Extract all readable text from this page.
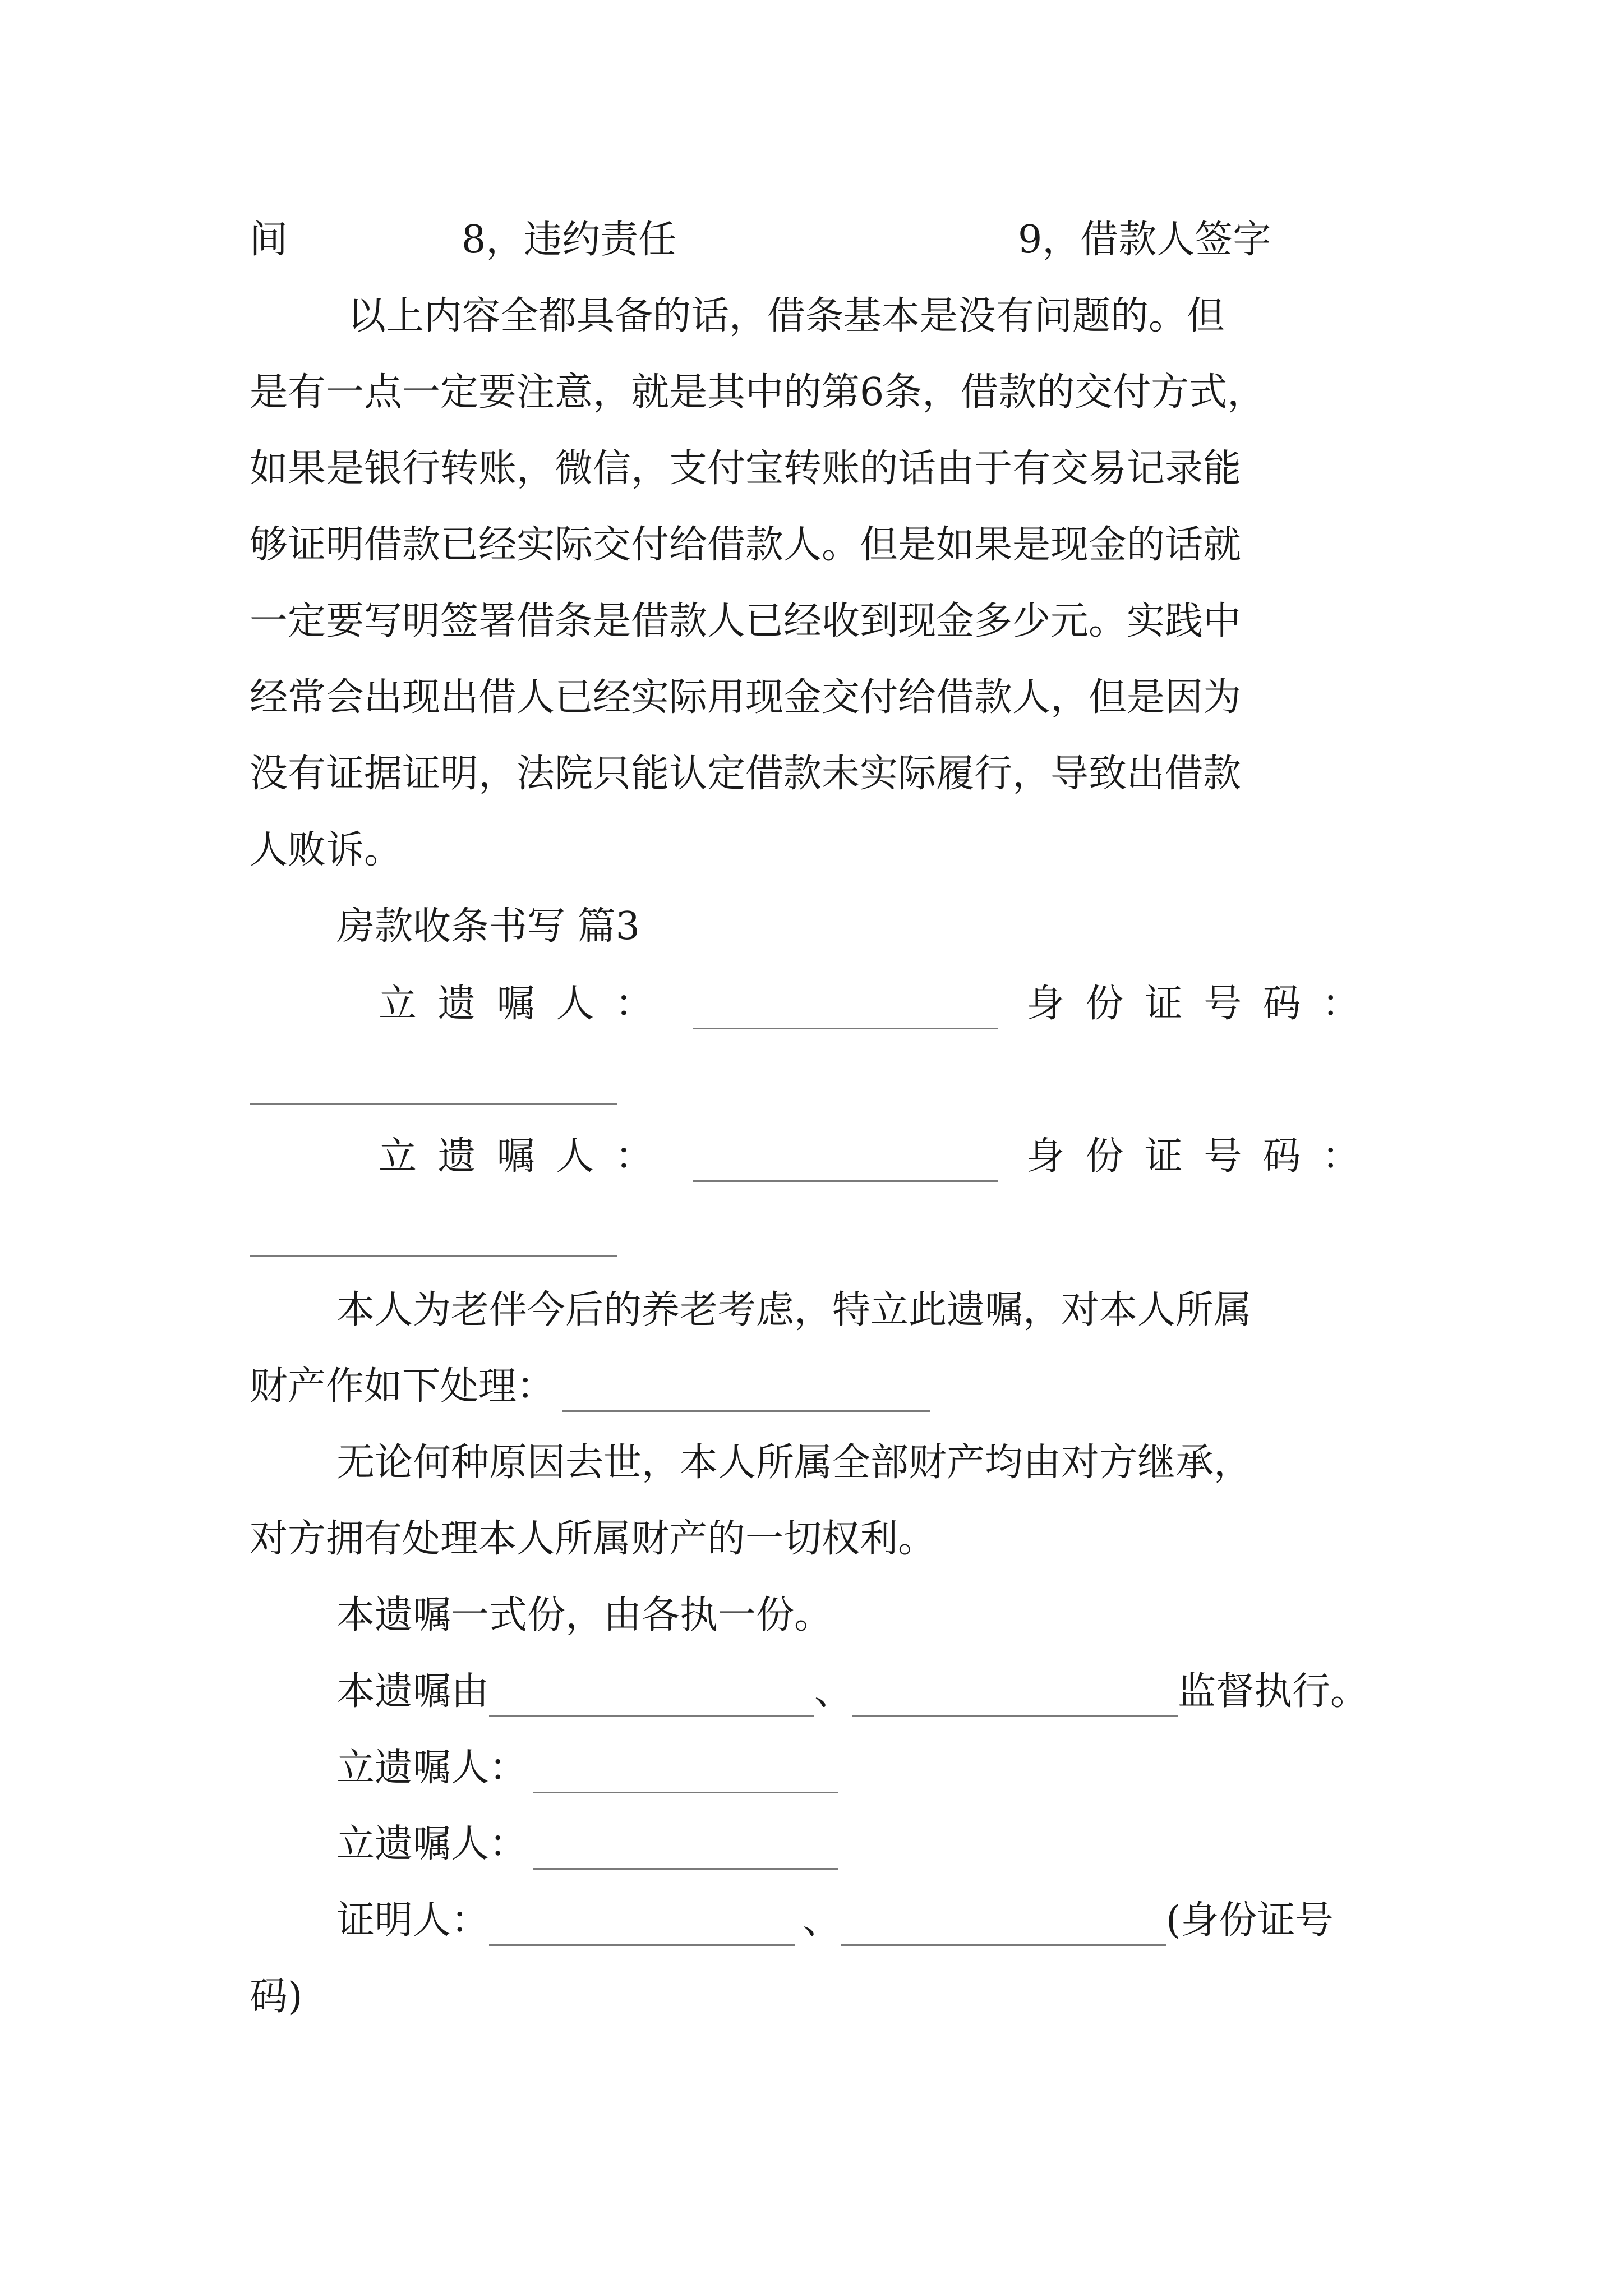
间	8，违约责任	9，借款人签字
以上内容全都具备的话，借条基本是没有问题的。但
是有一点一定要注意，就是其中的第6条，借款的交付方式，
如果是银行转账，微信，支付宝转账的话由于有交易记录能
够证明借款已经实际交付给借款人。但是如果是现金的话就
一定要写明签署借条是借款人已经收到现金多少元。实践中
经常会出现出借人已经实际用现金交付给借款人，但是因为
没有证据证明，法院只能认定借款未实际履行，导致出借款
人败诉。
房款收条书写 篇3
立遗嘱人：	身份证号码：
立遗嘱人：	身份证号码：
本人为老伴今后的养老考虑，特立此遗嘱，对本人所属
财产作如下处理：
无论何种原因去世，本人所属全部财产均由对方继承，
对方拥有处理本人所属财产的一切权利。
本遗嘱一式份，由各执一份。
本遗嘱由	、	监督执行。
立遗嘱人：
立遗嘱人：
证明人：	、	(身份证号
码)
